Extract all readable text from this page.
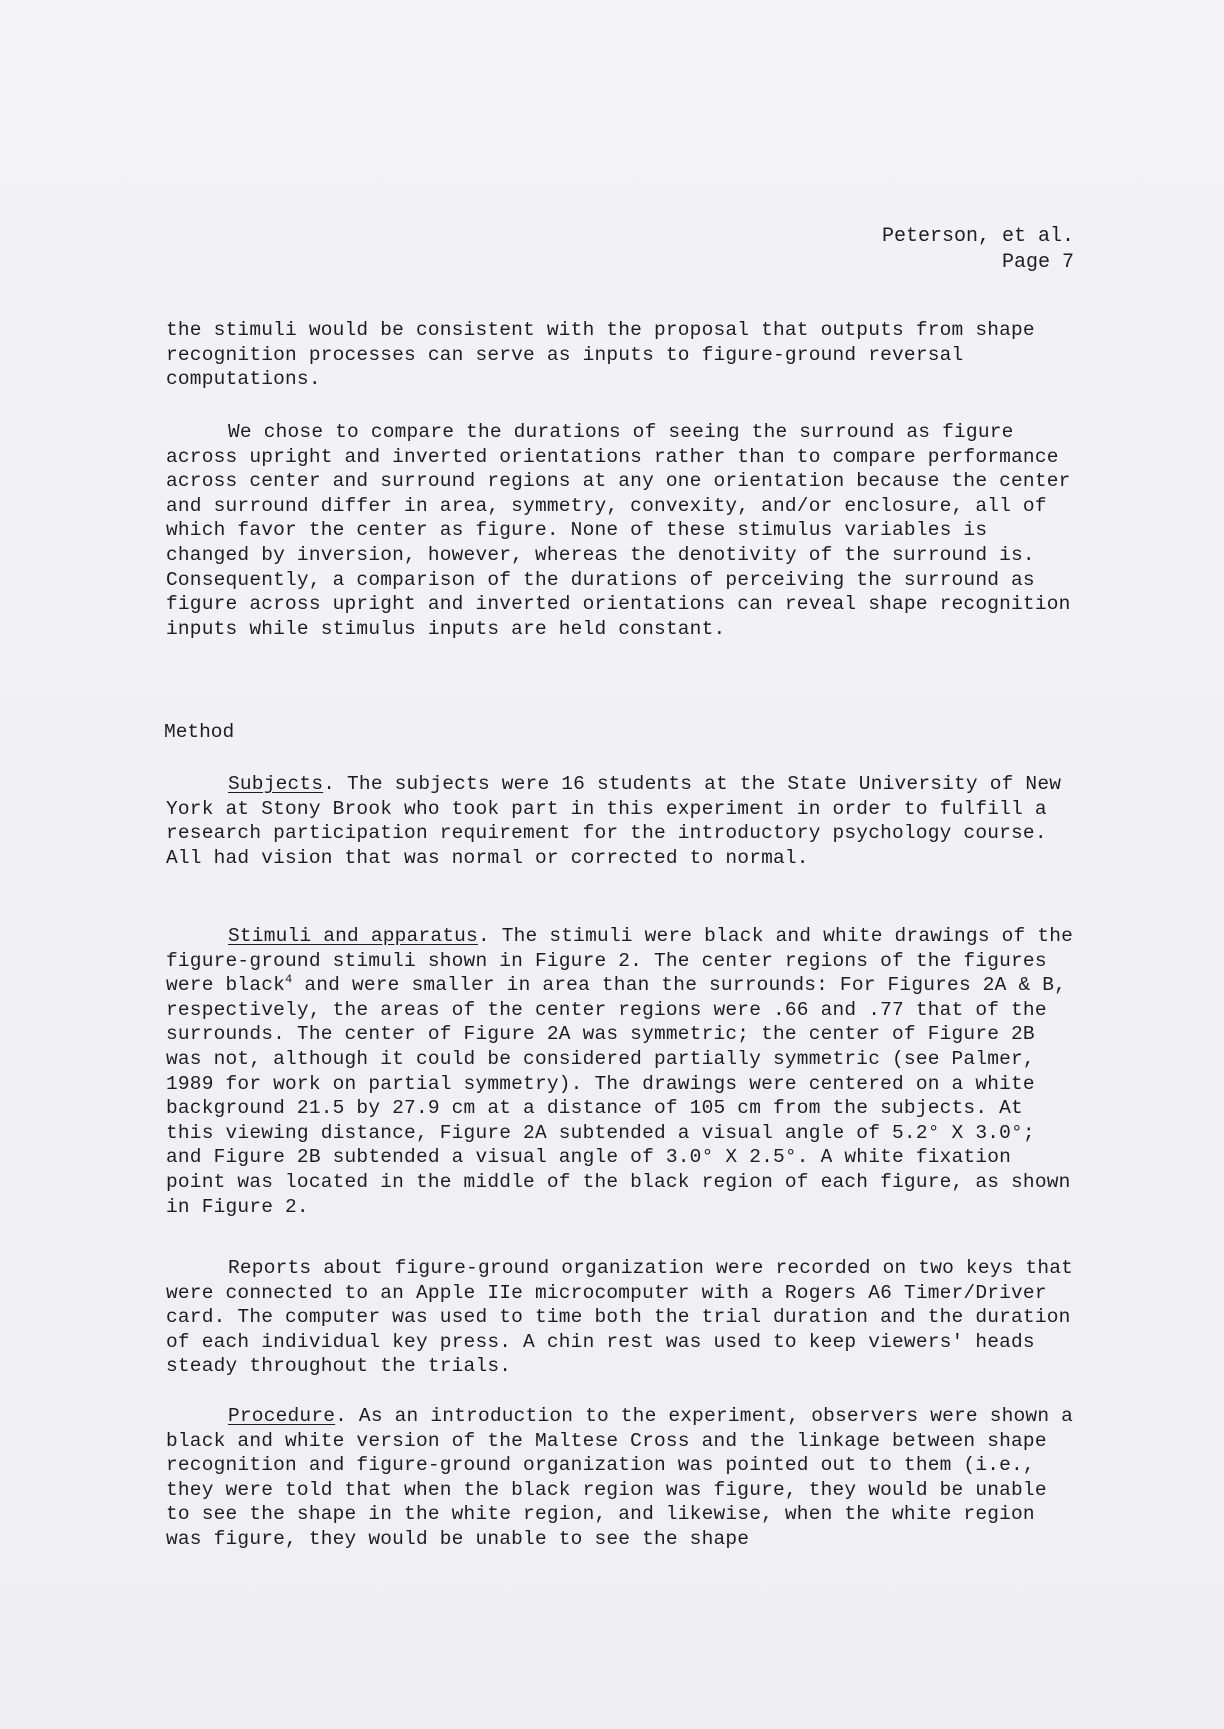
Peterson, et al.
Page 7

the stimuli would be consistent with the proposal that outputs from shape recognition processes can serve as inputs to figure-ground reversal computations.

We chose to compare the durations of seeing the surround as figure across upright and inverted orientations rather than to compare performance across center and surround regions at any one orientation because the center and surround differ in area, symmetry, convexity, and/or enclosure, all of which favor the center as figure. None of these stimulus variables is changed by inversion, however, whereas the denotivity of the surround is. Consequently, a comparison of the durations of perceiving the surround as figure across upright and inverted orientations can reveal shape recognition inputs while stimulus inputs are held constant.

Method

Subjects. The subjects were 16 students at the State University of New York at Stony Brook who took part in this experiment in order to fulfill a research participation requirement for the introductory psychology course. All had vision that was normal or corrected to normal.

Stimuli and apparatus. The stimuli were black and white drawings of the figure-ground stimuli shown in Figure 2. The center regions of the figures were black$^4$ and were smaller in area than the surrounds: For Figures 2A & B, respectively, the areas of the center regions were .66 and .77 that of the surrounds. The center of Figure 2A was symmetric; the center of Figure 2B was not, although it could be considered partially symmetric (see Palmer, 1989 for work on partial symmetry). The drawings were centered on a white background 21.5 by 27.9 cm at a distance of 105 cm from the subjects. At this viewing distance, Figure 2A subtended a visual angle of 5.2° X 3.0°; and Figure 2B subtended a visual angle of 3.0° X 2.5°. A white fixation point was located in the middle of the black region of each figure, as shown in Figure 2.

Reports about figure-ground organization were recorded on two keys that were connected to an Apple IIe microcomputer with a Rogers A6 Timer/Driver card. The computer was used to time both the trial duration and the duration of each individual key press. A chin rest was used to keep viewers' heads steady throughout the trials.

Procedure. As an introduction to the experiment, observers were shown a black and white version of the Maltese Cross and the linkage between shape recognition and figure-ground organization was pointed out to them (i.e., they were told that when the black region was figure, they would be unable to see the shape in the white region, and likewise, when the white region was figure, they would be unable to see the shape
